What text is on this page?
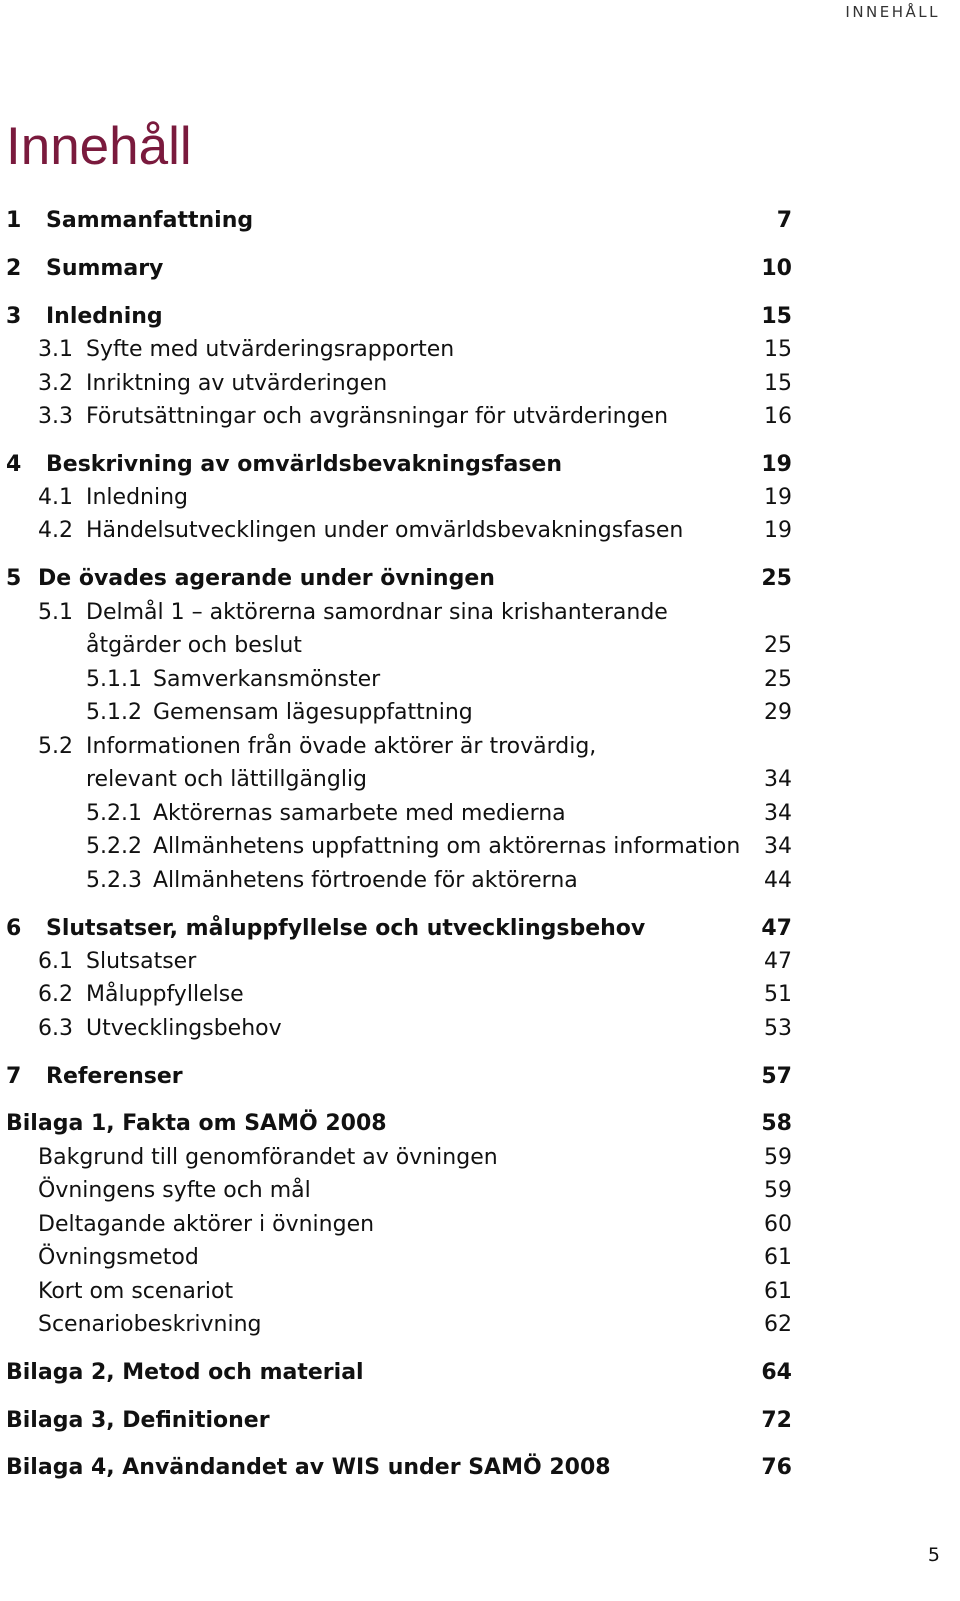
INNEHÅLL
Innehåll
1 Sammanfattning	7
2 Summary	10
3 Inledning	15
3.1 Syfte med utvärderingsrapporten	15
3.2 Inriktning av utvärderingen	15
3.3 Förutsättningar och avgränsningar för utvärderingen	16
4 Beskrivning av omvärldsbevakningsfasen	19
4.1 Inledning	19
4.2 Händelsutvecklingen under omvärldsbevakningsfasen	19
5 De övades agerande under övningen	25
5.1 Delmål 1 – aktörerna samordnar sina krishanterande
åtgärder och beslut	25
5.1.1 Samverkansmönster	25
5.1.2 Gemensam lägesuppfattning	29
5.2 Informationen från övade aktörer är trovärdig,
relevant och lättillgänglig	34
5.2.1 Aktörernas samarbete med medierna	34
5.2.2 Allmänhetens uppfattning om aktörernas information 34
5.2.3 Allmänhetens förtroende för aktörerna	44
6 Slutsatser, måluppfyllelse och utvecklingsbehov	47
6.1 Slutsatser	47
6.2 Måluppfyllelse	51
6.3 Utvecklingsbehov	53
7 Referenser	57
Bilaga 1, Fakta om SAMÖ 2008	58
Bakgrund till genomförandet av övningen	59
Övningens syfte och mål	59
Deltagande aktörer i övningen	60
Övningsmetod	61
Kort om scenariot	61
Scenariobeskrivning	62
Bilaga 2, Metod och material	64
Bilaga 3, Definitioner	72
Bilaga 4, Användandet av WIS under SAMÖ 2008	76
5
